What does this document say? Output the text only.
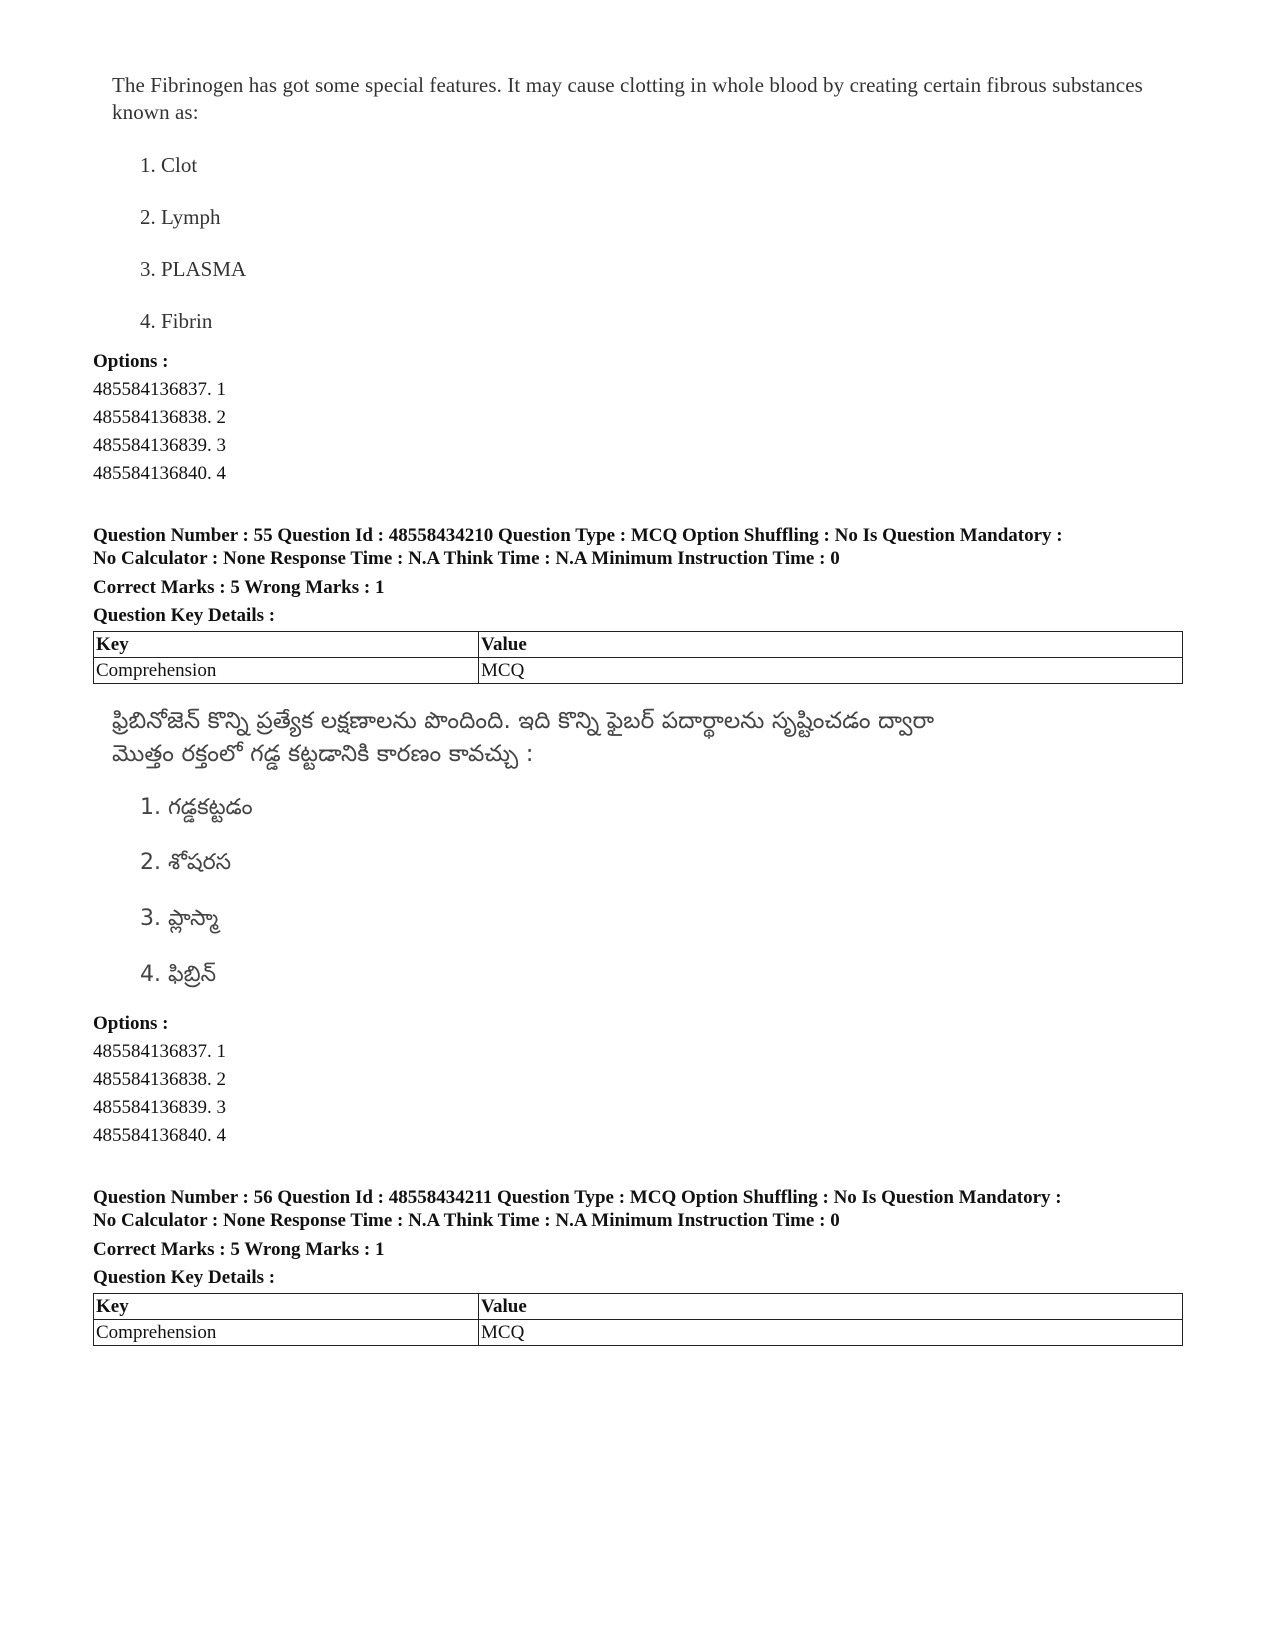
The Fibrinogen has got some special features. It may cause clotting in whole blood by creating certain fibrous substances known as:

1. Clot
2. Lymph
3. PLASMA
4. Fibrin
Options :
485584136837. 1
485584136838. 2
485584136839. 3
485584136840. 4
Question Number : 55 Question Id : 48558434210 Question Type : MCQ Option Shuffling : No Is Question Mandatory :
No Calculator : None Response Time : N.A Think Time : N.A Minimum Instruction Time : 0
Correct Marks : 5 Wrong Marks : 1
Question Key Details :
Key	Value
Comprehension	MCQ

ఫ్రిబినోజెన్ కొన్ని ప్రత్యేక లక్షణాలను పొందింది. ఇది కొన్ని ఫైబర్ పదార్థాలను సృష్టించడం ద్వారా

మొత్తం రక్తంలో గడ్డ కట్టడానికి కారణం కావచ్చు :

1. గడ్డకట్టడం
2. శోషరస
3. ప్లాస్మా
4. ఫిబ్రిన్
Options :
485584136837. 1
485584136838. 2
485584136839. 3
485584136840. 4
Question Number : 56 Question Id : 48558434211 Question Type : MCQ Option Shuffling : No Is Question Mandatory :
No Calculator : None Response Time : N.A Think Time : N.A Minimum Instruction Time : 0
Correct Marks : 5 Wrong Marks : 1
Question Key Details :
Key	Value
Comprehension	MCQ
